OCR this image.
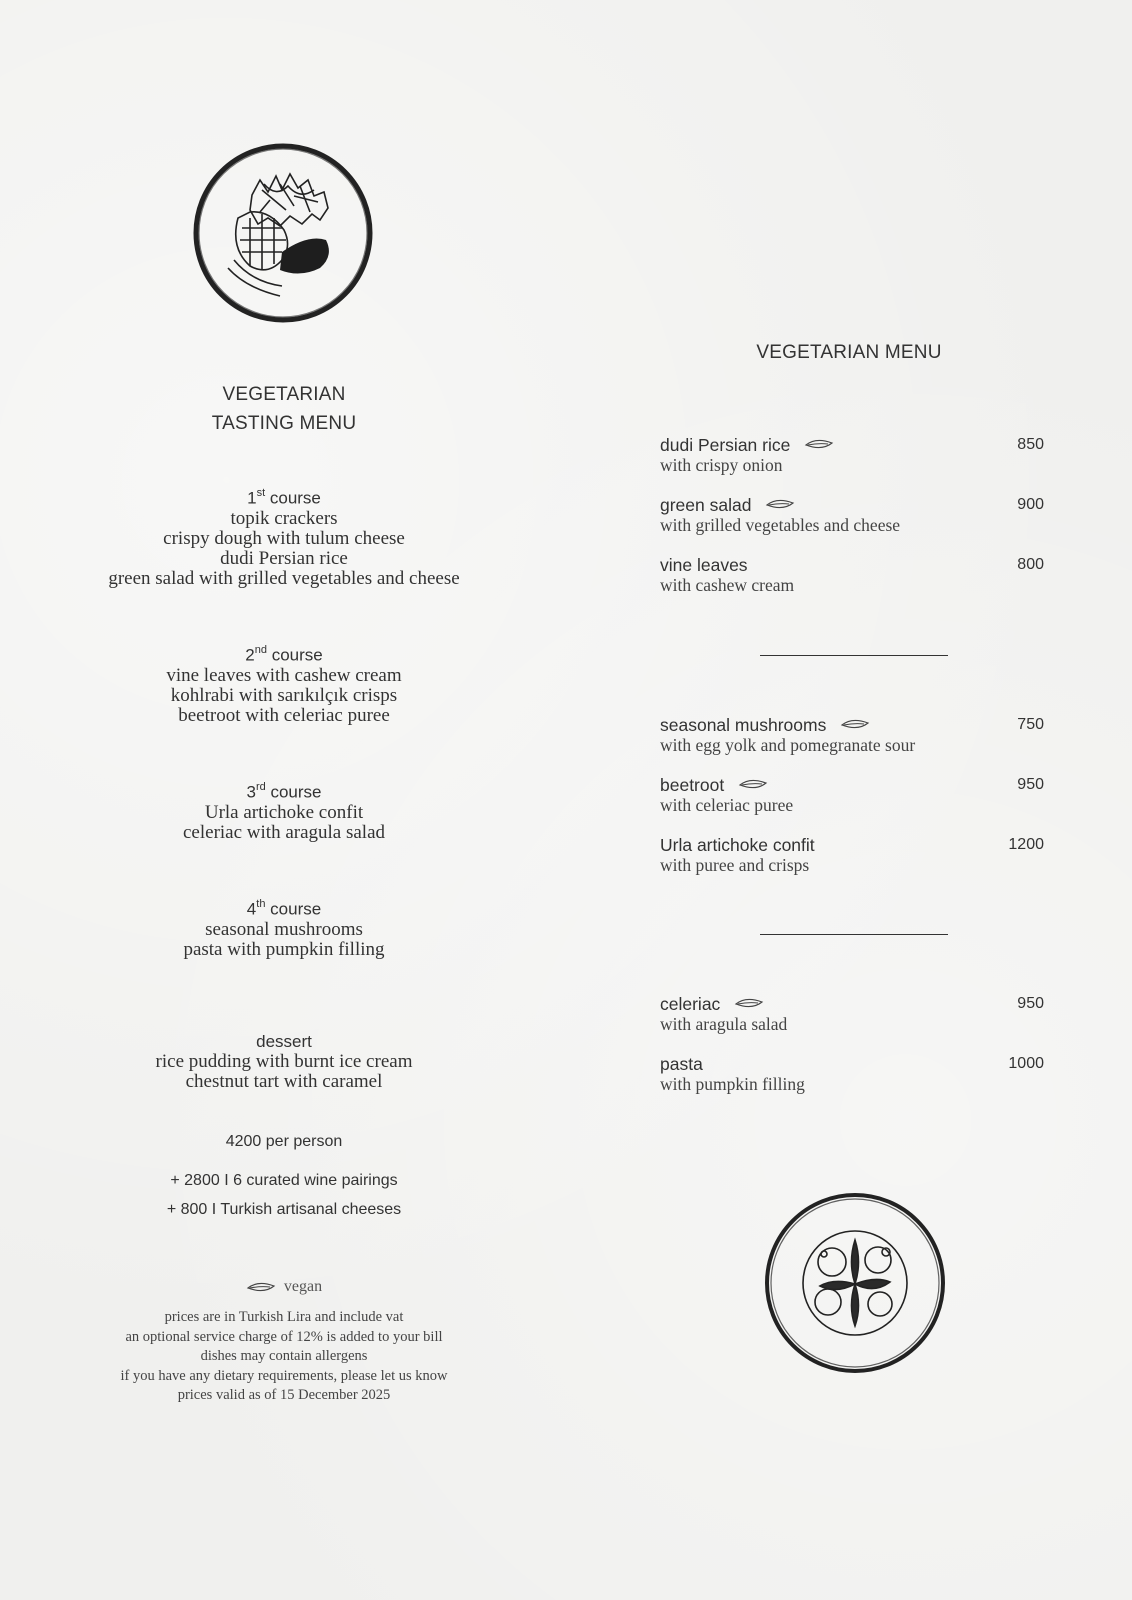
VEGETARIAN
TASTING MENU
1st course
topik crackers
crispy dough with tulum cheese
dudi Persian rice
green salad with grilled vegetables and cheese
2nd course
vine leaves with cashew cream
kohlrabi with sarıkılçık crisps
beetroot with celeriac puree
3rd course
Urla artichoke confit
celeriac with aragula salad
4th course
seasonal mushrooms
pasta with pumpkin filling
dessert
rice pudding with burnt ice cream
chestnut tart with caramel
4200 per person
+ 2800 I 6 curated wine pairings
+ 800 I Turkish artisanal cheeses
vegan
prices are in Turkish Lira and include vat
an optional service charge of 12% is added to your bill
dishes may contain allergens
if you have any dietary requirements, please let us know
prices valid as of 15 December 2025
VEGETARIAN MENU
dudi Persian rice
with crispy onion
850
green salad
with grilled vegetables and cheese
900
vine leaves
with cashew cream
800
seasonal mushrooms
with egg yolk and pomegranate sour
750
beetroot
with celeriac puree
950
Urla artichoke confit
with puree and crisps
1200
celeriac
with aragula salad
950
pasta
with pumpkin filling
1000
